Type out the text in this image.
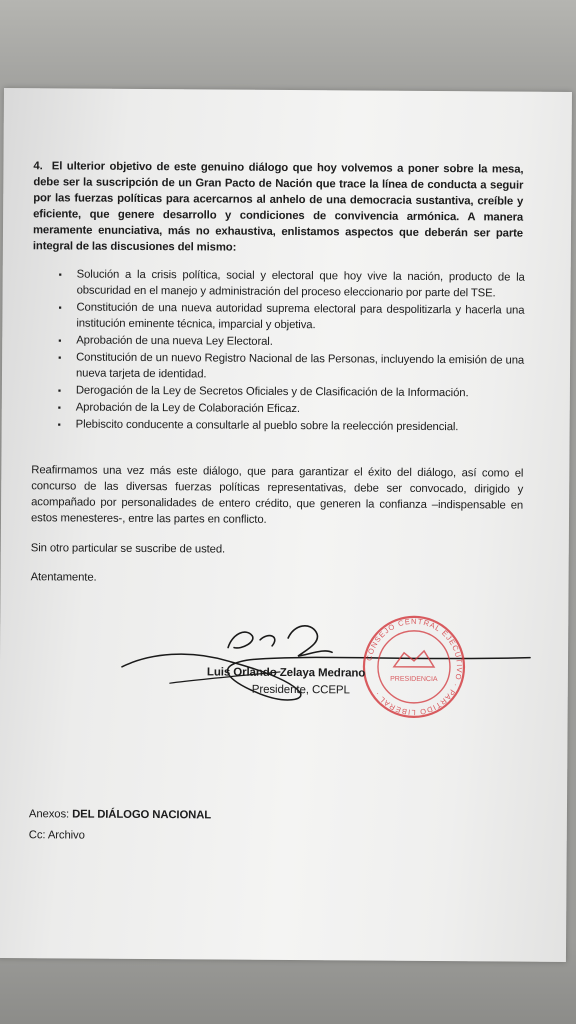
4. El ulterior objetivo de este genuino diálogo que hoy volvemos a poner sobre la mesa, debe ser la suscripción de un Gran Pacto de Nación que trace la línea de conducta a seguir por las fuerzas políticas para acercarnos al anhelo de una democracia sustantiva, creíble y eficiente, que genere desarrollo y condiciones de convivencia armónica. A manera meramente enunciativa, más no exhaustiva, enlistamos aspectos que deberán ser parte integral de las discusiones del mismo:

▪ Solución a la crisis política, social y electoral que hoy vive la nación, producto de la obscuridad en el manejo y administración del proceso eleccionario por parte del TSE.
▪ Constitución de una nueva autoridad suprema electoral para despolitizarla y hacerla una institución eminente técnica, imparcial y objetiva.
▪ Aprobación de una nueva Ley Electoral.
▪ Constitución de un nuevo Registro Nacional de las Personas, incluyendo la emisión de una nueva tarjeta de identidad.
▪ Derogación de la Ley de Secretos Oficiales y de Clasificación de la Información.
▪ Aprobación de la Ley de Colaboración Eficaz.
▪ Plebiscito conducente a consultarle al pueblo sobre la reelección presidencial.

Reafirmamos una vez más este diálogo, que para garantizar el éxito del diálogo, así como el concurso de las diversas fuerzas políticas representativas, debe ser convocado, dirigido y acompañado por personalidades de entero crédito, que generen la confianza –indispensable en estos menesteres-, entre las partes en conflicto.

Sin otro particular se suscribe de usted.
Atentamente.
CONSEJO CENTRAL EJECUTIVO · PARTIDO LIBERAL ·
PRESIDENCIA
Luis Orlando Zelaya Medrano
Presidente, CCEPL
Anexos: DEL DIÁLOGO NACIONAL
Cc: Archivo
